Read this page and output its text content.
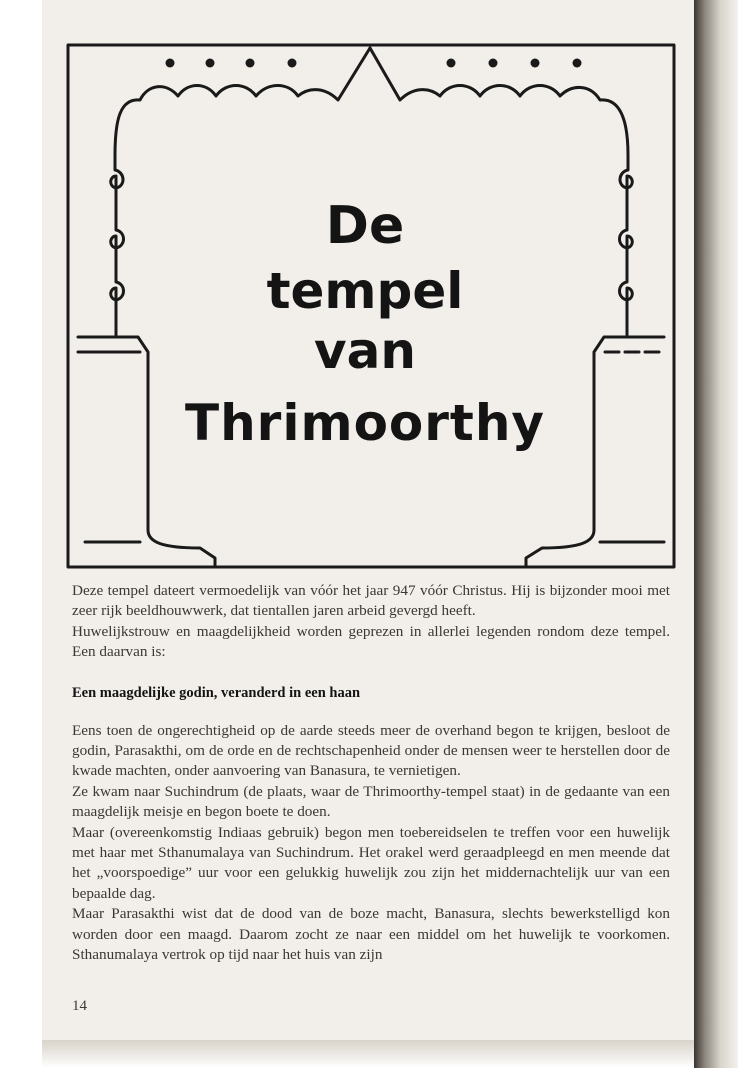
De
tempel
van
Thrimoorthy

Deze tempel dateert vermoedelijk van vóór het jaar 947 vóór Christus. Hij is bijzonder mooi met zeer rijk beeldhouwwerk, dat tientallen jaren arbeid gevergd heeft.

Huwelijkstrouw en maagdelijkheid worden geprezen in allerlei legenden rondom deze tempel. Een daarvan is:

Een maagdelijke godin, veranderd in een haan

Eens toen de ongerechtigheid op de aarde steeds meer de overhand begon te krijgen, besloot de godin, Parasakthi, om de orde en de rechtschapenheid onder de mensen weer te herstellen door de kwade machten, onder aanvoering van Banasura, te vernietigen.

Ze kwam naar Suchindrum (de plaats, waar de Thrimoorthy-tempel staat) in de gedaante van een maagdelijk meisje en begon boete te doen.

Maar (overeenkomstig Indiaas gebruik) begon men toebereidselen te treffen voor een huwelijk met haar met Sthanumalaya van Suchindrum. Het orakel werd geraadpleegd en men meende dat het „voorspoedige” uur voor een gelukkig huwelijk zou zijn het middernachtelijk uur van een bepaalde dag.

Maar Parasakthi wist dat de dood van de boze macht, Banasura, slechts bewerkstelligd kon worden door een maagd. Daarom zocht ze naar een middel om het huwelijk te voorkomen. Sthanumalaya vertrok op tijd naar het huis van zijn

14
